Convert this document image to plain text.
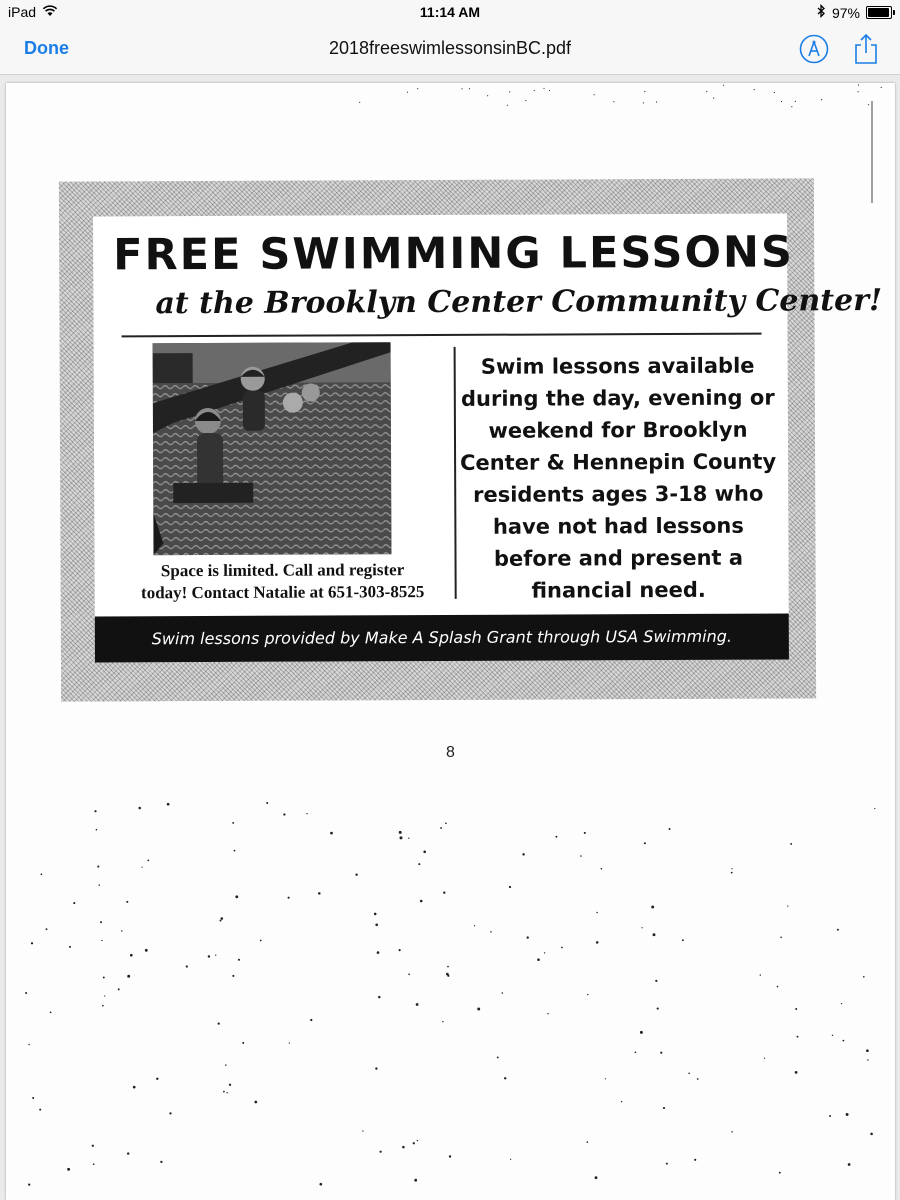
iPad	11:14 AM	97%
Done	2018freeswimlessonsinBC.pdf
FREE SWIMMING LESSONS
at the Brooklyn Center Community Center!
Space is limited. Call and register
today! Contact Natalie at 651-303-8525
Swim lessons available
during the day, evening or
weekend for Brooklyn
Center & Hennepin County
residents ages 3-18 who
have not had lessons
before and present a
financial need.
Swim lessons provided by Make A Splash Grant through USA Swimming.
8
